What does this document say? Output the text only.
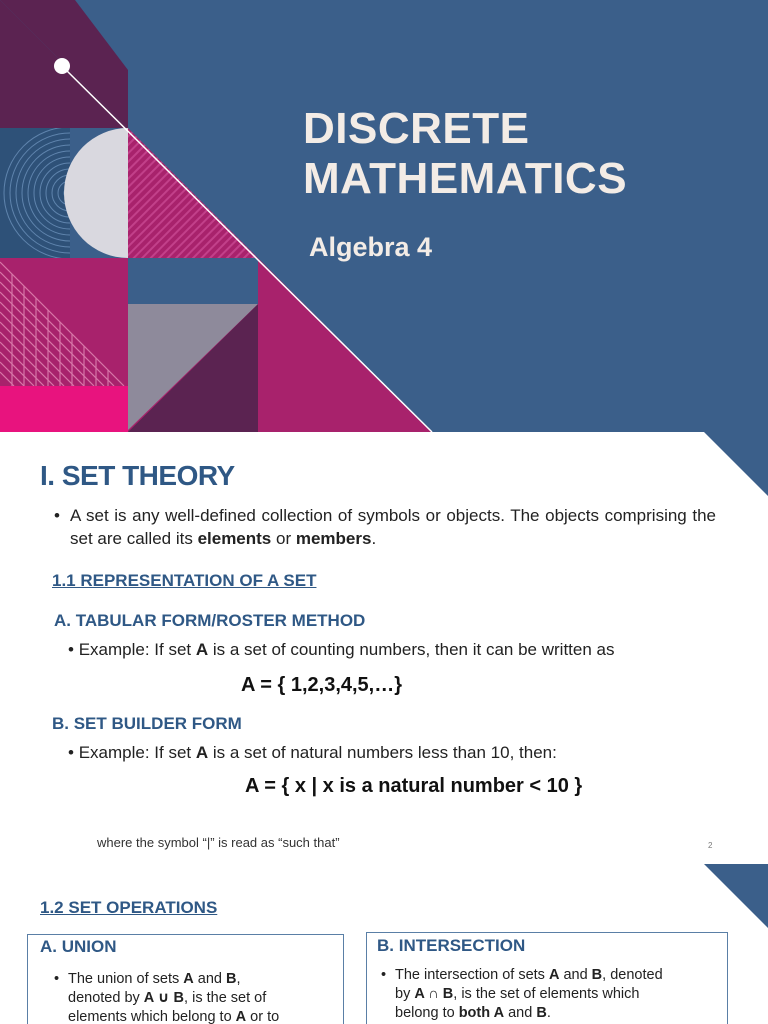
DISCRETE
MATHEMATICS
Algebra 4
I. SET THEORY
• A set is any well-defined collection of symbols or objects. The objects comprising the set are called its elements or members.
1.1 REPRESENTATION OF A SET
A. TABULAR FORM/ROSTER METHOD
• Example: If set A is a set of counting numbers, then it can be written as
A = { 1,2,3,4,5,…}
B. SET BUILDER FORM
• Example: If set A is a set of natural numbers less than 10, then:
A = { x | x is a natural number < 10 }
where the symbol “|” is read as “such that”	2
1.2 SET OPERATIONS
A. UNION
• The union of sets A and B,
denoted by A ∪ B, is the set of
elements which belong to A or to
B. INTERSECTION
• The intersection of sets A and B, denoted
by A ∩ B, is the set of elements which
belong to both A and B.
